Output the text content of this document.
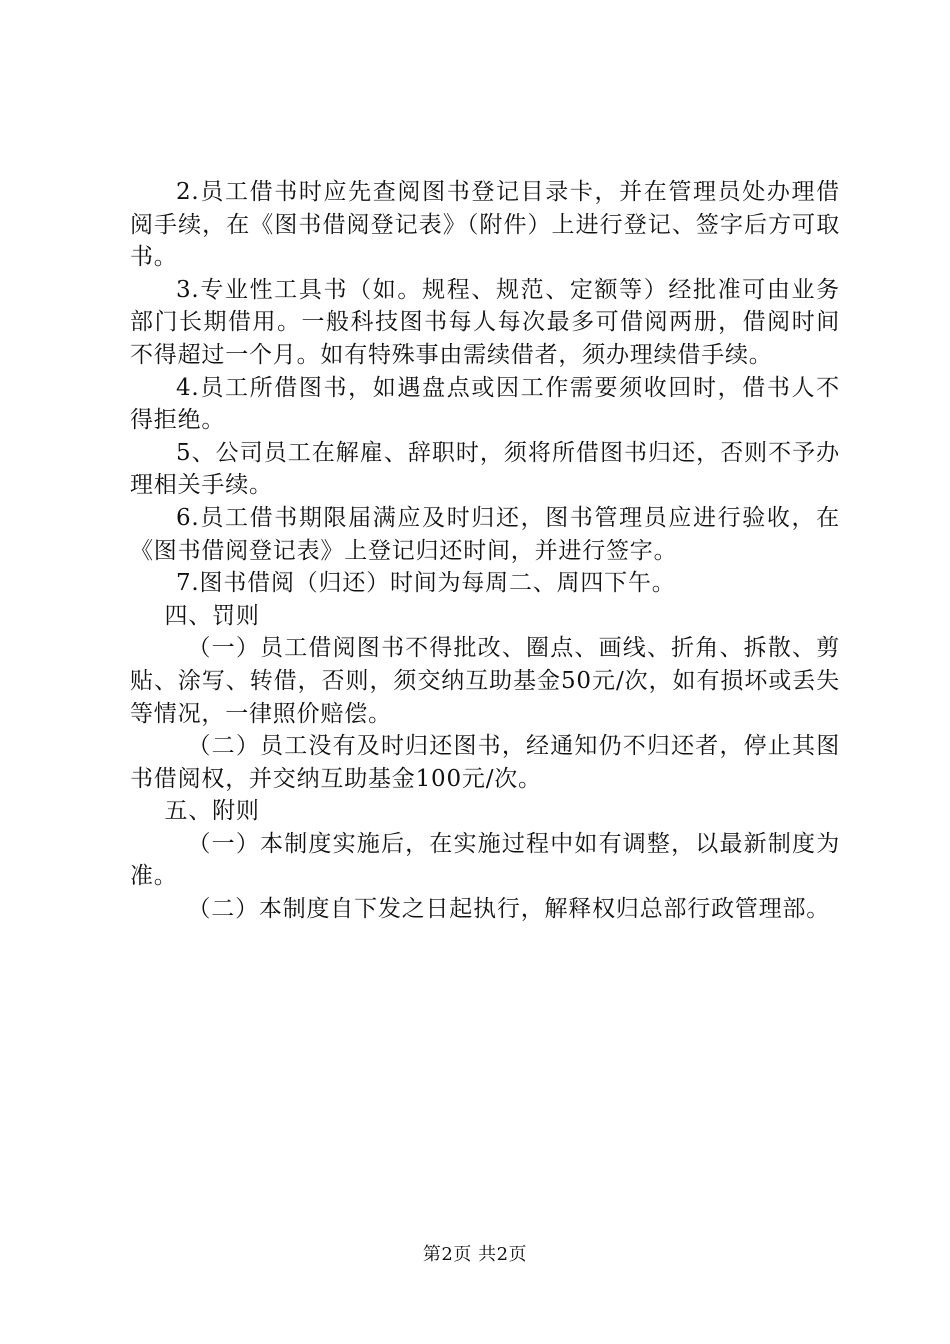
2.员工借书时应先查阅图书登记目录卡，并在管理员处办理借阅手续，在《图书借阅登记表》（附件）上进行登记、签字后方可取书。

3.专业性工具书（如。规程、规范、定额等）经批准可由业务部门长期借用。一般科技图书每人每次最多可借阅两册，借阅时间不得超过一个月。如有特殊事由需续借者，须办理续借手续。

4.员工所借图书，如遇盘点或因工作需要须收回时，借书人不得拒绝。

5、公司员工在解雇、辞职时，须将所借图书归还，否则不予办理相关手续。

6.员工借书期限届满应及时归还，图书管理员应进行验收，在《图书借阅登记表》上登记归还时间，并进行签字。

7.图书借阅（归还）时间为每周二、周四下午。

四、罚则

（一）员工借阅图书不得批改、圈点、画线、折角、拆散、剪贴、涂写、转借，否则，须交纳互助基金50元/次，如有损坏或丢失等情况，一律照价赔偿。

（二）员工没有及时归还图书，经通知仍不归还者，停止其图书借阅权，并交纳互助基金100元/次。

五、附则

（一）本制度实施后，在实施过程中如有调整，以最新制度为准。

（二）本制度自下发之日起执行，解释权归总部行政管理部。

第2页 共2页
